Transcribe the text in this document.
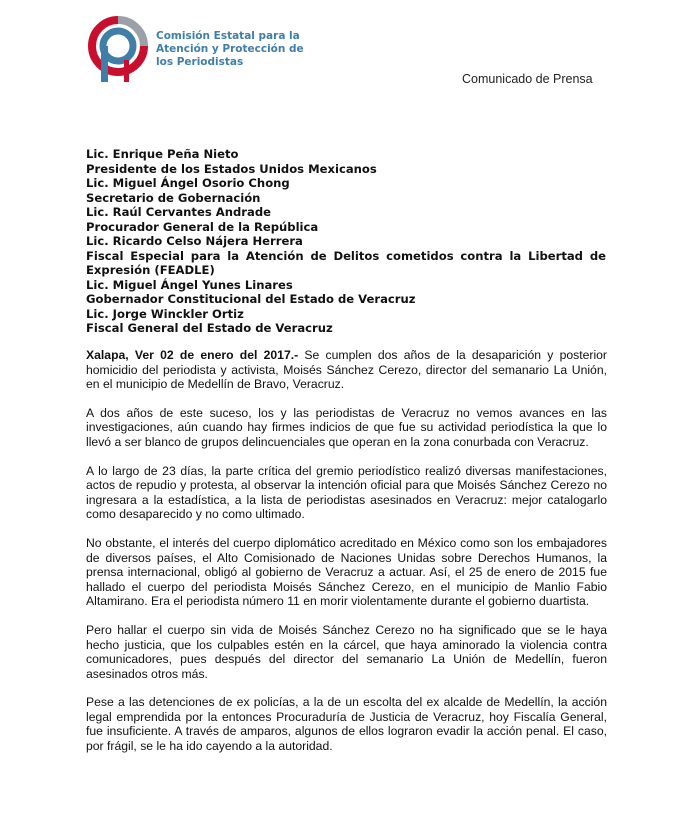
Comisión Estatal para la
Atención y Protección de
los Periodistas
Comunicado de Prensa
Lic. Enrique Peña Nieto
Presidente de los Estados Unidos Mexicanos
Lic. Miguel Ángel Osorio Chong
Secretario de Gobernación
Lic. Raúl Cervantes Andrade
Procurador General de la República
Lic. Ricardo Celso Nájera Herrera
Fiscal Especial para la Atención de Delitos cometidos contra la Libertad de Expresión (FEADLE)
Lic. Miguel Ángel Yunes Linares
Gobernador Constitucional del Estado de Veracruz
Lic. Jorge Winckler Ortiz
Fiscal General del Estado de Veracruz

Xalapa, Ver 02 de enero del 2017.- Se cumplen dos años de la desaparición y posterior homicidio del periodista y activista, Moisés Sánchez Cerezo, director del semanario La Unión, en el municipio de Medellín de Bravo, Veracruz.

A dos años de este suceso, los y las periodistas de Veracruz no vemos avances en las investigaciones, aún cuando hay firmes indicios de que fue su actividad periodística la que lo llevó a ser blanco de grupos delincuenciales que operan en la zona conurbada con Veracruz.

A lo largo de 23 días, la parte crítica del gremio periodístico realizó diversas manifestaciones, actos de repudio y protesta, al observar la intención oficial para que Moisés Sánchez Cerezo no ingresara a la estadística, a la lista de periodistas asesinados en Veracruz: mejor catalogarlo como desaparecido y no como ultimado.

No obstante, el interés del cuerpo diplomático acreditado en México como son los embajadores de diversos países, el Alto Comisionado de Naciones Unidas sobre Derechos Humanos, la prensa internacional, obligó al gobierno de Veracruz a actuar. Así, el 25 de enero de 2015 fue hallado el cuerpo del periodista Moisés Sánchez Cerezo, en el municipio de Manlio Fabio Altamirano. Era el periodista número 11 en morir violentamente durante el gobierno duartista.

Pero hallar el cuerpo sin vida de Moisés Sánchez Cerezo no ha significado que se le haya hecho justicia, que los culpables estén en la cárcel, que haya aminorado la violencia contra comunicadores, pues después del director del semanario La Unión de Medellín, fueron asesinados otros más.

Pese a las detenciones de ex policías, a la de un escolta del ex alcalde de Medellín, la acción legal emprendida por la entonces Procuraduría de Justicia de Veracruz, hoy Fiscalía General, fue insuficiente. A través de amparos, algunos de ellos lograron evadir la acción penal. El caso, por frágil, se le ha ido cayendo a la autoridad.
